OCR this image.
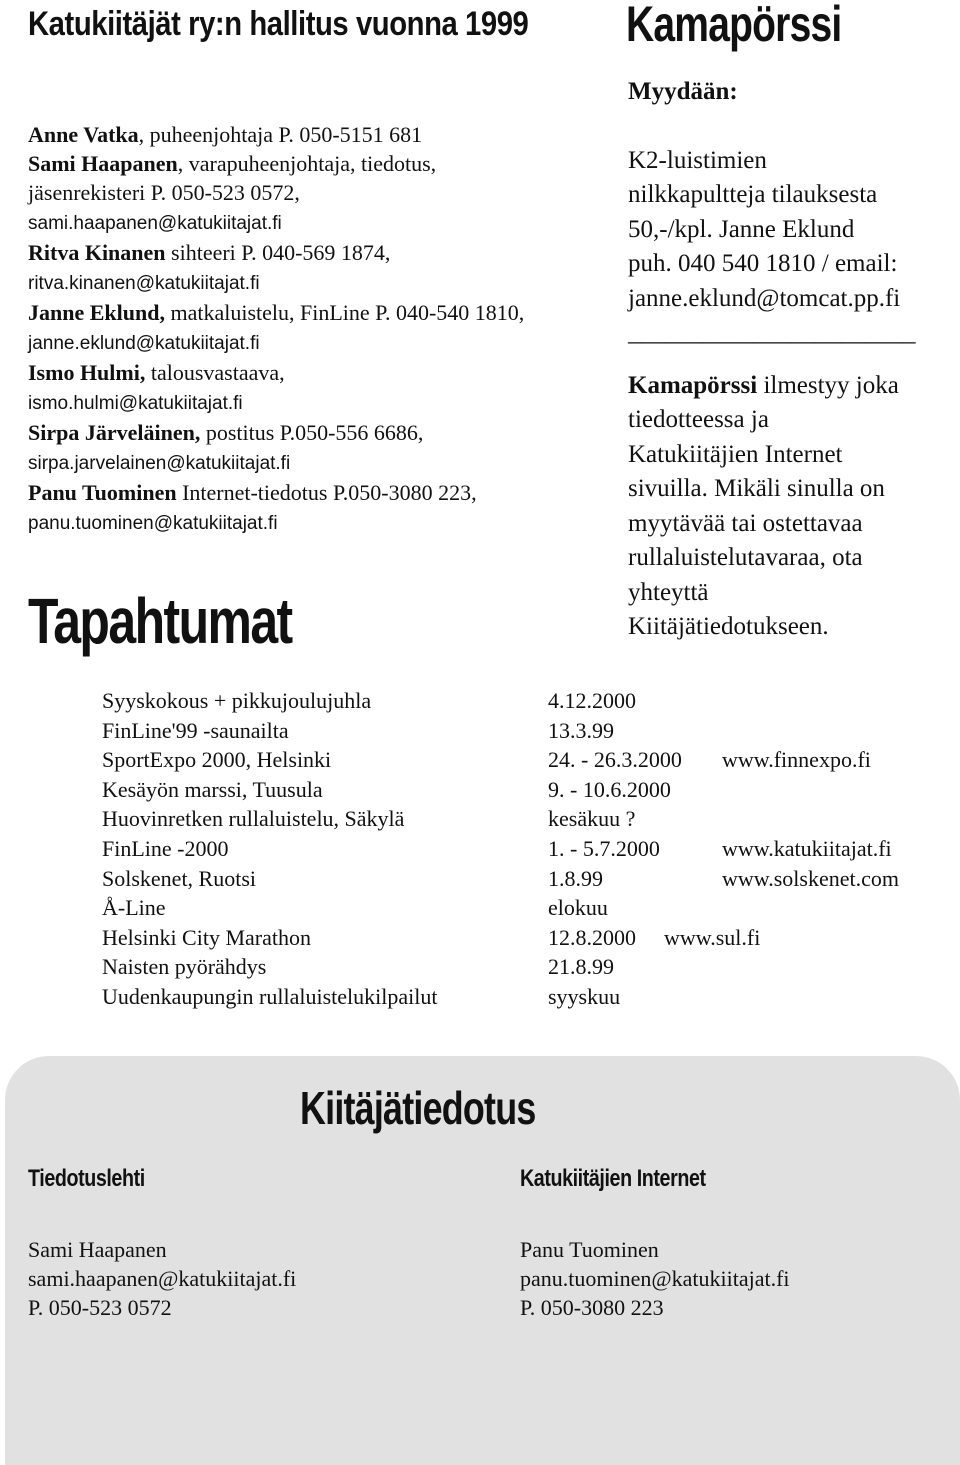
Katukiitäjät ry:n hallitus vuonna 1999
Anne Vatka, puheenjohtaja P. 050-5151 681
Sami Haapanen, varapuheenjohtaja, tiedotus,
jäsenrekisteri P. 050-523 0572,
sami.haapanen@katukiitajat.fi
Ritva Kinanen sihteeri P. 040-569 1874,
ritva.kinanen@katukiitajat.fi
Janne Eklund, matkaluistelu, FinLine P. 040-540 1810,
janne.eklund@katukiitajat.fi
Ismo Hulmi, talousvastaava,
ismo.hulmi@katukiitajat.fi
Sirpa Järveläinen, postitus P.050-556 6686,
sirpa.jarvelainen@katukiitajat.fi
Panu Tuominen Internet-tiedotus P.050-3080 223,
panu.tuominen@katukiitajat.fi
Tapahtumat
Syyskokous + pikkujoulujuhla	4.12.2000
FinLine'99 -saunailta	13.3.99
SportExpo 2000, Helsinki	24. - 26.3.2000 www.finnexpo.fi
Kesäyön marssi, Tuusula	9. - 10.6.2000
Huovinretken rullaluistelu, Säkylä	kesäkuu ?
FinLine -2000	1. - 5.7.2000	www.katukiitajat.fi
Solskenet, Ruotsi	1.8.99	www.solskenet.com
Å-Line	elokuu
Helsinki City Marathon	12.8.2000 www.sul.fi
Naisten pyörähdys	21.8.99
Uudenkaupungin rullaluistelukilpailut	syyskuu
Kamapörssi
Myydään:
K2-luistimien
nilkkapultteja tilauksesta
50,-/kpl. Janne Eklund
puh. 040 540 1810 / email:
janne.eklund@tomcat.pp.fi
_______________________
Kamapörssi ilmestyy joka
tiedotteessa ja
Katukiitäjien Internet
sivuilla. Mikäli sinulla on
myytävää tai ostettavaa
rullaluistelutavaraa, ota
yhteyttä
Kiitäjätiedotukseen.
Kiitäjätiedotus
Tiedotuslehti
Sami Haapanen
sami.haapanen@katukiitajat.fi
P. 050-523 0572
Katukiitäjien Internet
Panu Tuominen
panu.tuominen@katukiitajat.fi
P. 050-3080 223
